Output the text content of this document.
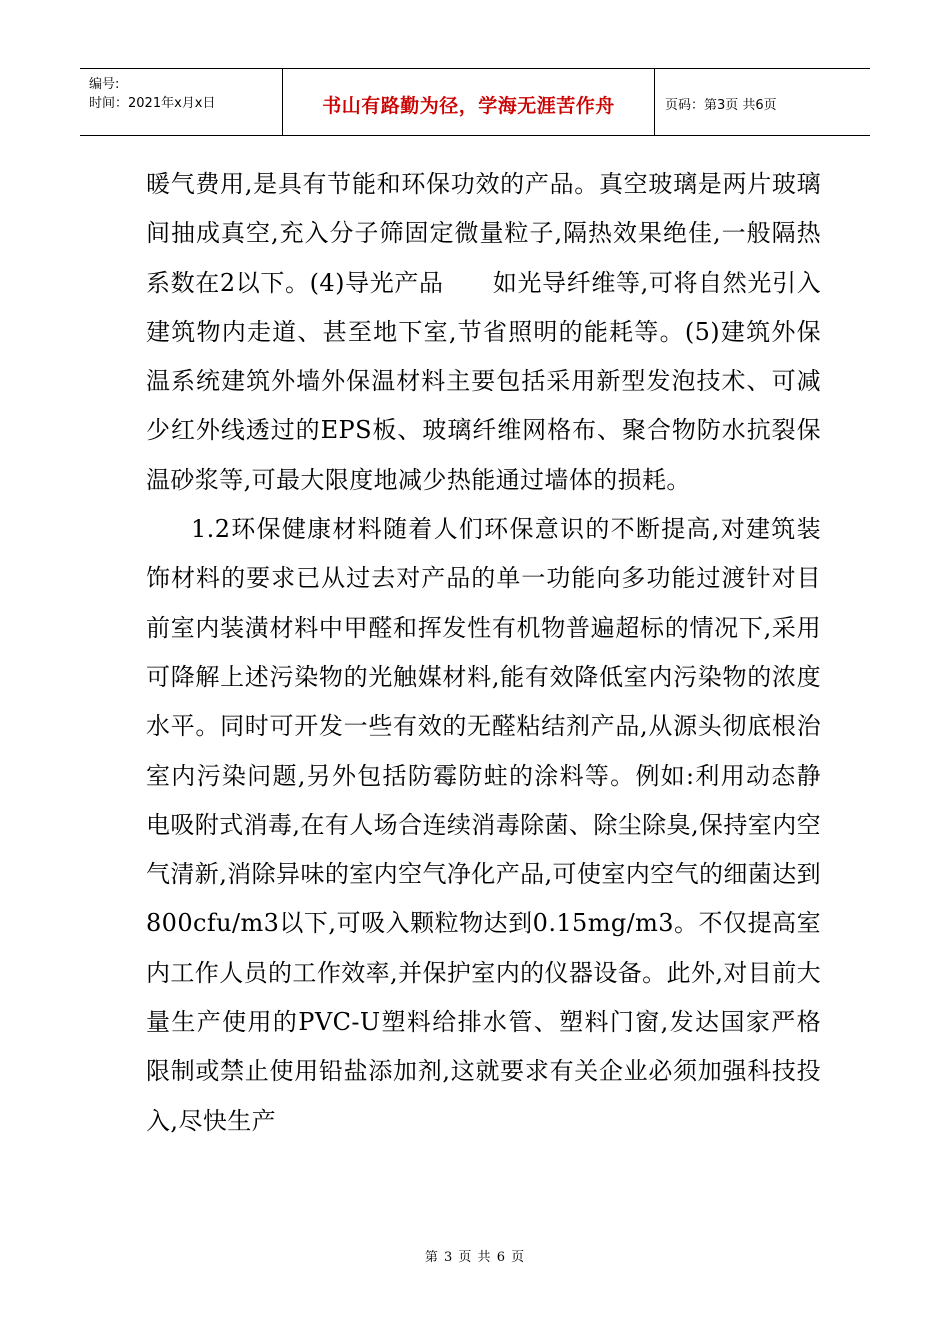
编号:
时间：2021年x月x日	书山有路勤为径，学海无涯苦作舟	页码：第3页 共6页

暖气费用,是具有节能和环保功效的产品。真空玻璃是两片玻璃间抽成真空,充入分子筛固定微量粒子,隔热效果绝佳,一般隔热系数在2以下。(4)导光产品　　如光导纤维等,可将自然光引入建筑物内走道、甚至地下室,节省照明的能耗等。(5)建筑外保温系统建筑外墙外保温材料主要包括采用新型发泡技术、可减少红外线透过的EPS板、玻璃纤维网格布、聚合物防水抗裂保温砂浆等,可最大限度地减少热能通过墙体的损耗。

1.2环保健康材料随着人们环保意识的不断提高,对建筑装饰材料的要求已从过去对产品的单一功能向多功能过渡针对目前室内装潢材料中甲醛和挥发性有机物普遍超标的情况下,采用可降解上述污染物的光触媒材料,能有效降低室内污染物的浓度水平。同时可开发一些有效的无醛粘结剂产品,从源头彻底根治室内污染问题,另外包括防霉防蛀的涂料等。例如:利用动态静电吸附式消毒,在有人场合连续消毒除菌、除尘除臭,保持室内空气清新,消除异味的室内空气净化产品,可使室内空气的细菌达到800cfu/m3以下,可吸入颗粒物达到0.15mg/m3。不仅提高室内工作人员的工作效率,并保护室内的仪器设备。此外,对目前大量生产使用的PVC-U塑料给排水管、塑料门窗,发达国家严格限制或禁止使用铅盐添加剂,这就要求有关企业必须加强科技投入,尽快生产

第 3 页 共 6 页
